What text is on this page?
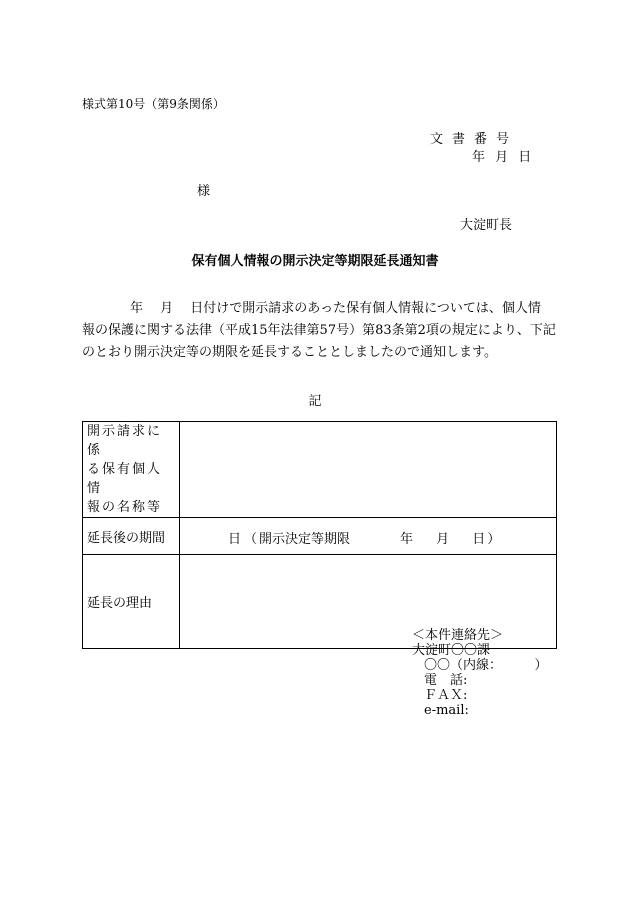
様式第10号（第9条関係）
文書番号
年 月 日
様
大淀町長
保有個人情報の開示決定等期限延長通知書
年　 月　 日付けで開示請求のあった保有個人情報については、個人情
報の保護に関する法律（平成15年法律第57号）第83条第2項の規定により、下記
のとおり開示決定等の期限を延長することとしましたので通知します。
記
開示請求に係
る保有個人情
報の名称等	

延長後の期間	日 （ 開示決定等期限 年　 月　 日）

延長の理由	
＜本件連絡先＞
大淀町〇〇課
〇〇（内線：　　　）
電　話:
ＦＡＸ:
e-mail:
